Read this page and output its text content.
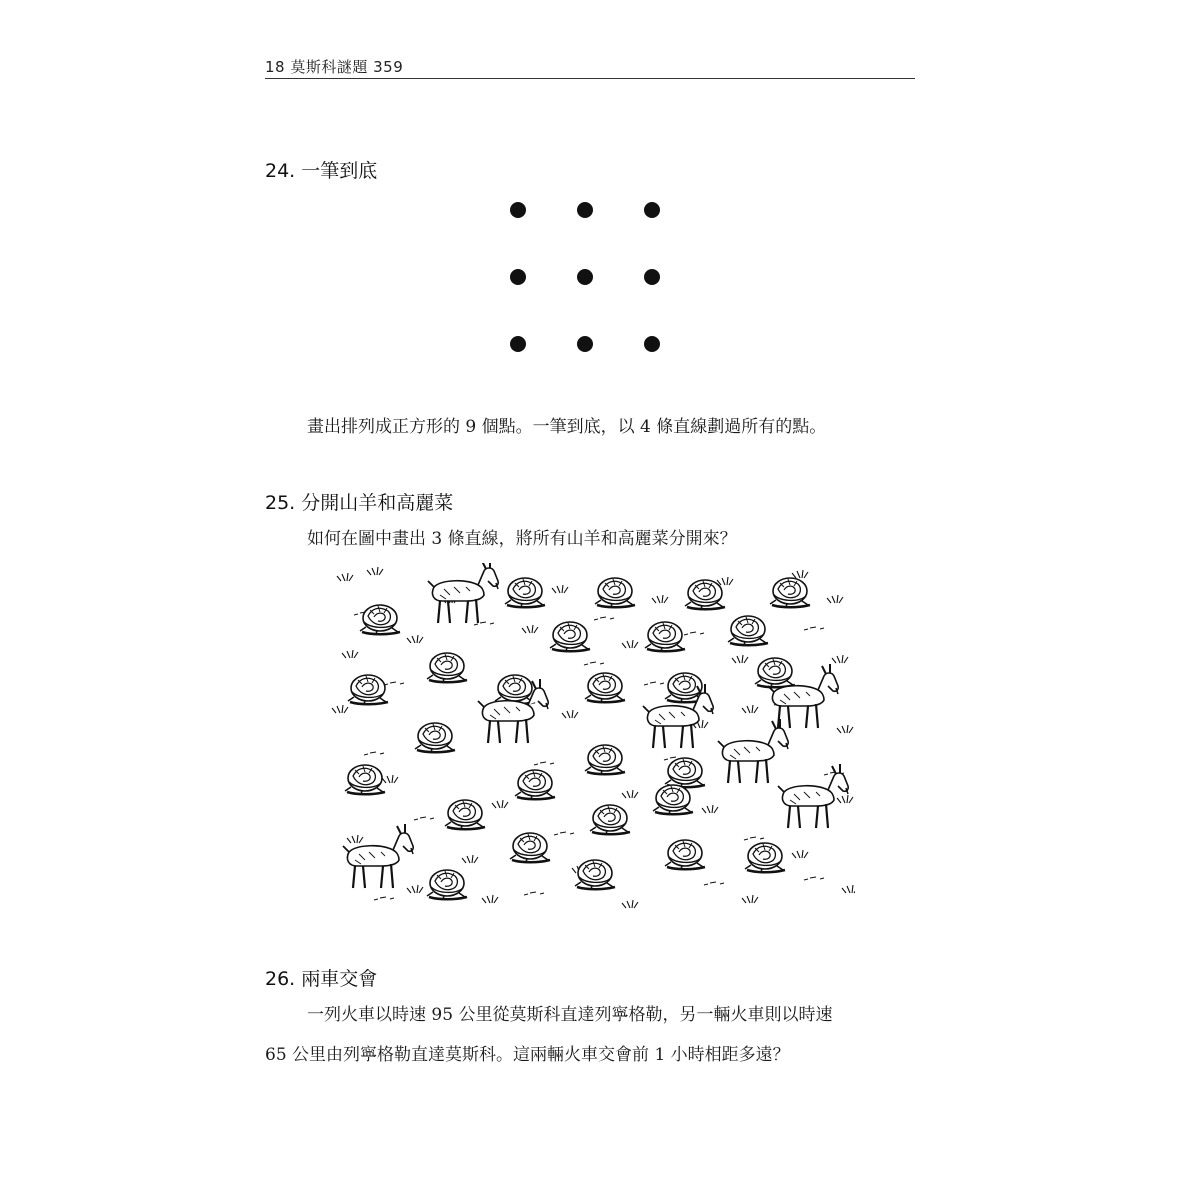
18 莫斯科謎題 359
24. 一筆到底
畫出排列成正方形的 9 個點。一筆到底，以 4 條直線劃過所有的點。
25. 分開山羊和高麗菜
如何在圖中畫出 3 條直線，將所有山羊和高麗菜分開來？
26. 兩車交會
一列火車以時速 95 公里從莫斯科直達列寧格勒，另一輛火車則以時速
65 公里由列寧格勒直達莫斯科。這兩輛火車交會前 1 小時相距多遠？
